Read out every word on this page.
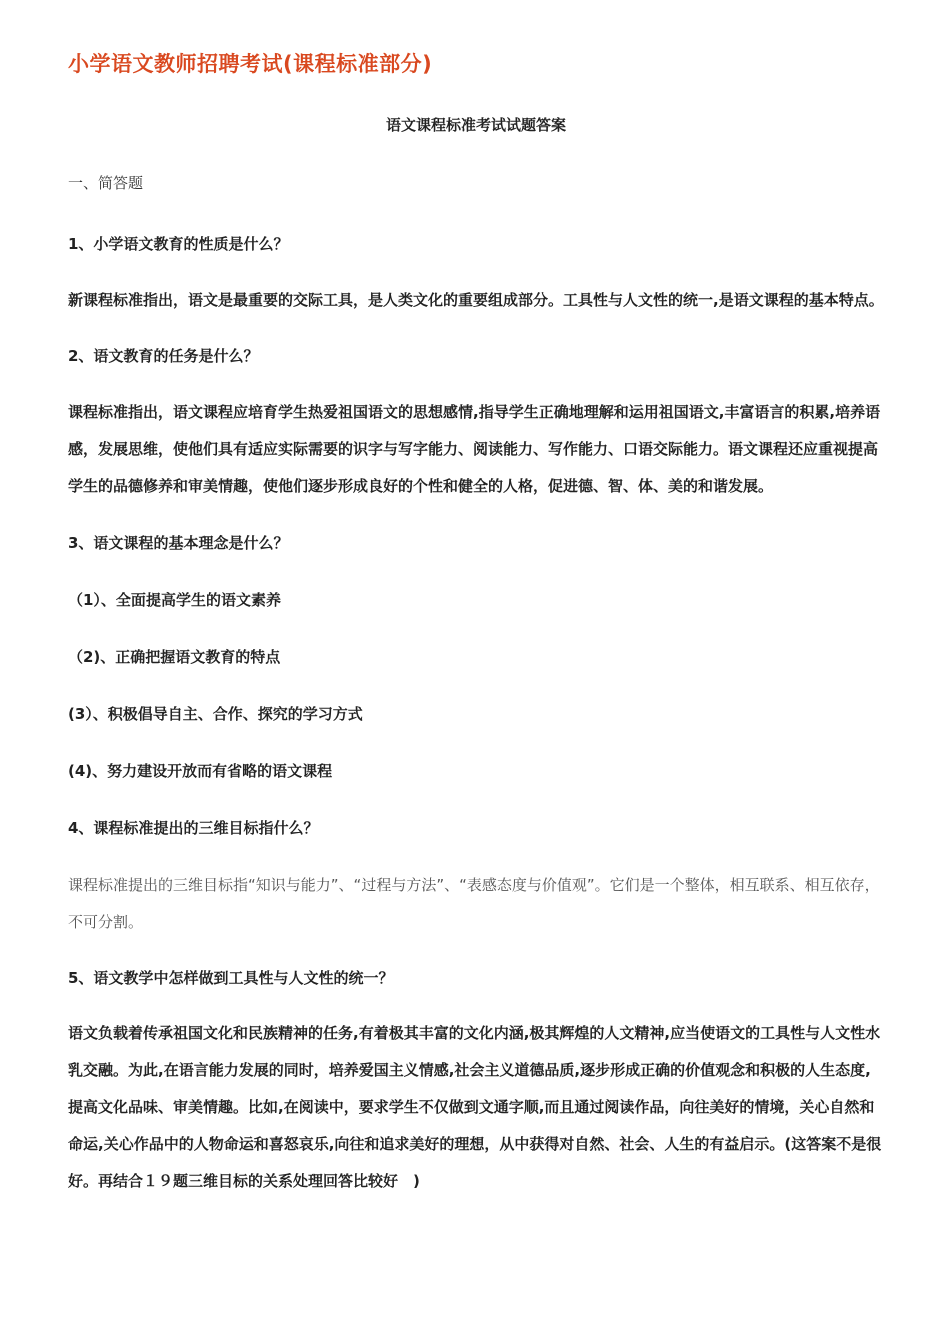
小学语文教师招聘考试(课程标准部分)
语文课程标准考试试题答案
一、简答题
1、小学语文教育的性质是什么？
新课程标准指出，语文是最重要的交际工具，是人类文化的重要组成部分。工具性与人文性的统一,是语文课程的基本特点。
2、语文教育的任务是什么？
课程标准指出，语文课程应培育学生热爱祖国语文的思想感情,指导学生正确地理解和运用祖国语文,丰富语言的积累,培养语感，发展思维，使他们具有适应实际需要的识字与写字能力、阅读能力、写作能力、口语交际能力。语文课程还应重视提高学生的品德修养和审美情趣，使他们逐步形成良好的个性和健全的人格，促进德、智、体、美的和谐发展。
3、语文课程的基本理念是什么？
（1）、全面提高学生的语文素养
（2)、正确把握语文教育的特点
(3）、积极倡导自主、合作、探究的学习方式
(4)、努力建设开放而有省略的语文课程
4、课程标准提出的三维目标指什么？
课程标准提出的三维目标指“知识与能力”、“过程与方法”、“表感态度与价值观”。它们是一个整体，相互联系、相互依存，不可分割。
5、语文教学中怎样做到工具性与人文性的统一？
语文负载着传承祖国文化和民族精神的任务,有着极其丰富的文化内涵,极其辉煌的人文精神,应当使语文的工具性与人文性水乳交融。为此,在语言能力发展的同时，培养爱国主义情感,社会主义道德品质,逐步形成正确的价值观念和积极的人生态度,提高文化品味、审美情趣。比如,在阅读中，要求学生不仅做到文通字顺,而且通过阅读作品，向往美好的情境，关心自然和命运,关心作品中的人物命运和喜怒哀乐,向往和追求美好的理想，从中获得对自然、社会、人生的有益启示。(这答案不是很好。再结合１９题三维目标的关系处理回答比较好　)
